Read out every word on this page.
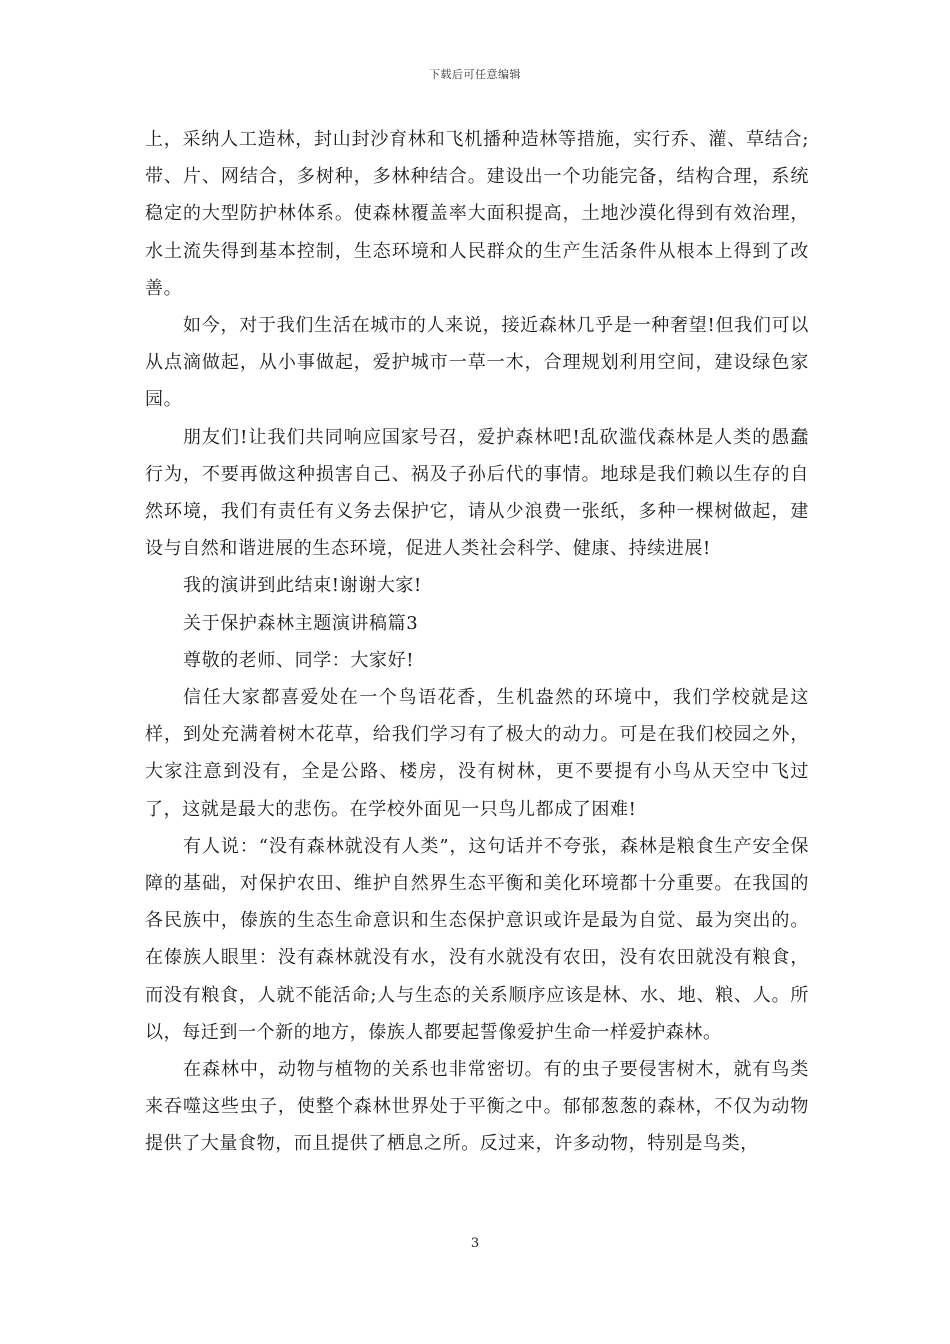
下载后可任意编辑

上，采纳人工造林，封山封沙育林和飞机播种造林等措施，实行乔、灌、草结合;带、片、网结合，多树种，多林种结合。建设出一个功能完备，结构合理，系统稳定的大型防护林体系。使森林覆盖率大面积提高，土地沙漠化得到有效治理，水土流失得到基本控制，生态环境和人民群众的生产生活条件从根本上得到了改善。

如今，对于我们生活在城市的人来说，接近森林几乎是一种奢望!但我们可以从点滴做起，从小事做起，爱护城市一草一木，合理规划利用空间，建设绿色家园。

朋友们!让我们共同响应国家号召，爱护森林吧!乱砍滥伐森林是人类的愚蠢行为，不要再做这种损害自己、祸及子孙后代的事情。地球是我们赖以生存的自然环境，我们有责任有义务去保护它，请从少浪费一张纸，多种一棵树做起，建设与自然和谐进展的生态环境，促进人类社会科学、健康、持续进展!

我的演讲到此结束!谢谢大家!

关于保护森林主题演讲稿篇3

尊敬的老师、同学：大家好!

信任大家都喜爱处在一个鸟语花香，生机盎然的环境中，我们学校就是这样，到处充满着树木花草，给我们学习有了极大的动力。可是在我们校园之外，大家注意到没有，全是公路、楼房，没有树林，更不要提有小鸟从天空中飞过了，这就是最大的悲伤。在学校外面见一只鸟儿都成了困难!

有人说：“没有森林就没有人类”，这句话并不夸张，森林是粮食生产安全保障的基础，对保护农田、维护自然界生态平衡和美化环境都十分重要。在我国的各民族中，傣族的生态生命意识和生态保护意识或许是最为自觉、最为突出的。在傣族人眼里：没有森林就没有水，没有水就没有农田，没有农田就没有粮食，而没有粮食，人就不能活命;人与生态的关系顺序应该是林、水、地、粮、人。所以，每迁到一个新的地方，傣族人都要起誓像爱护生命一样爱护森林。

在森林中，动物与植物的关系也非常密切。有的虫子要侵害树木，就有鸟类来吞噬这些虫子，使整个森林世界处于平衡之中。郁郁葱葱的森林，不仅为动物提供了大量食物，而且提供了栖息之所。反过来，许多动物，特别是鸟类，

3
